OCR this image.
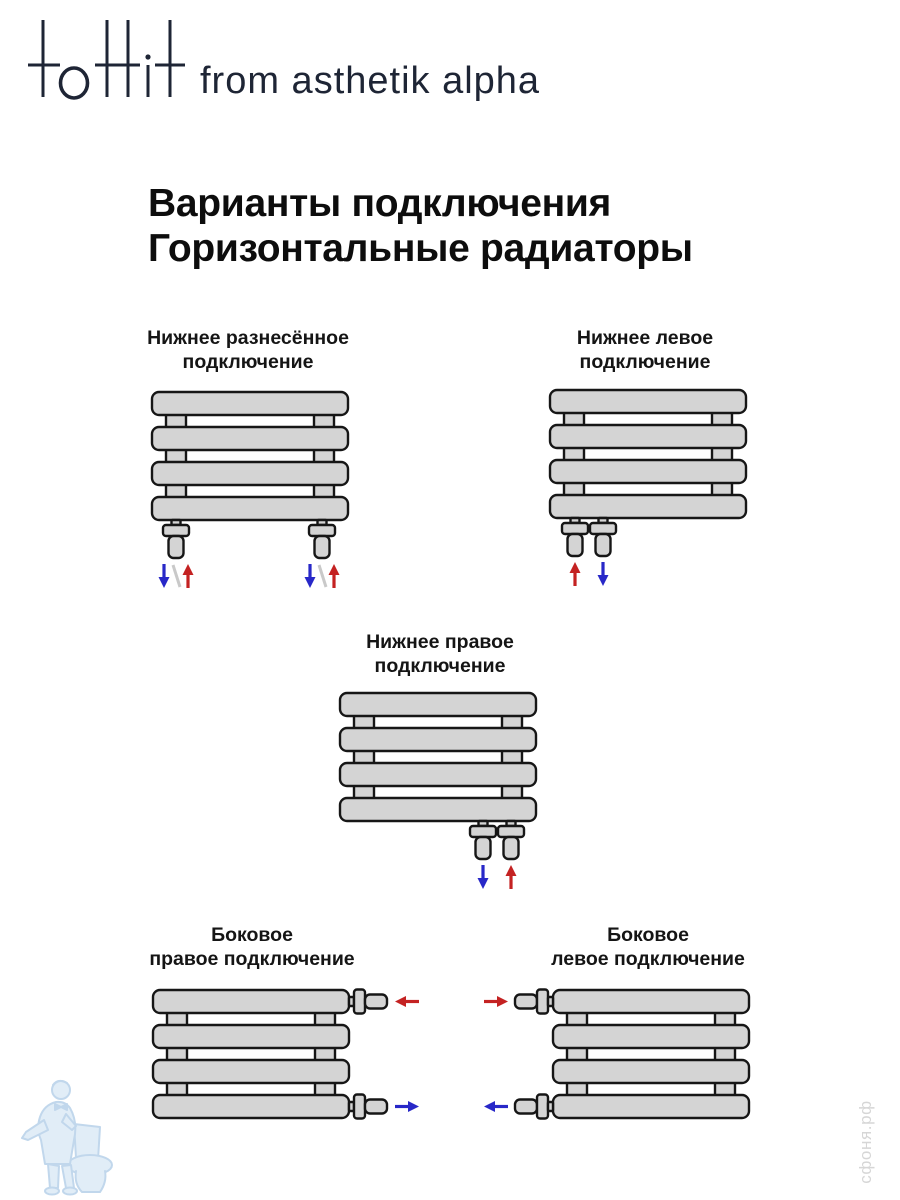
from asthetik alpha
Варианты подключения
Горизонтальные радиаторы
Нижнее разнесённое
подключение
Нижнее левое
подключение
Нижнее правое
подключение
Боковое
правое подключение
Боковое
левое подключение
сфоня.рф
